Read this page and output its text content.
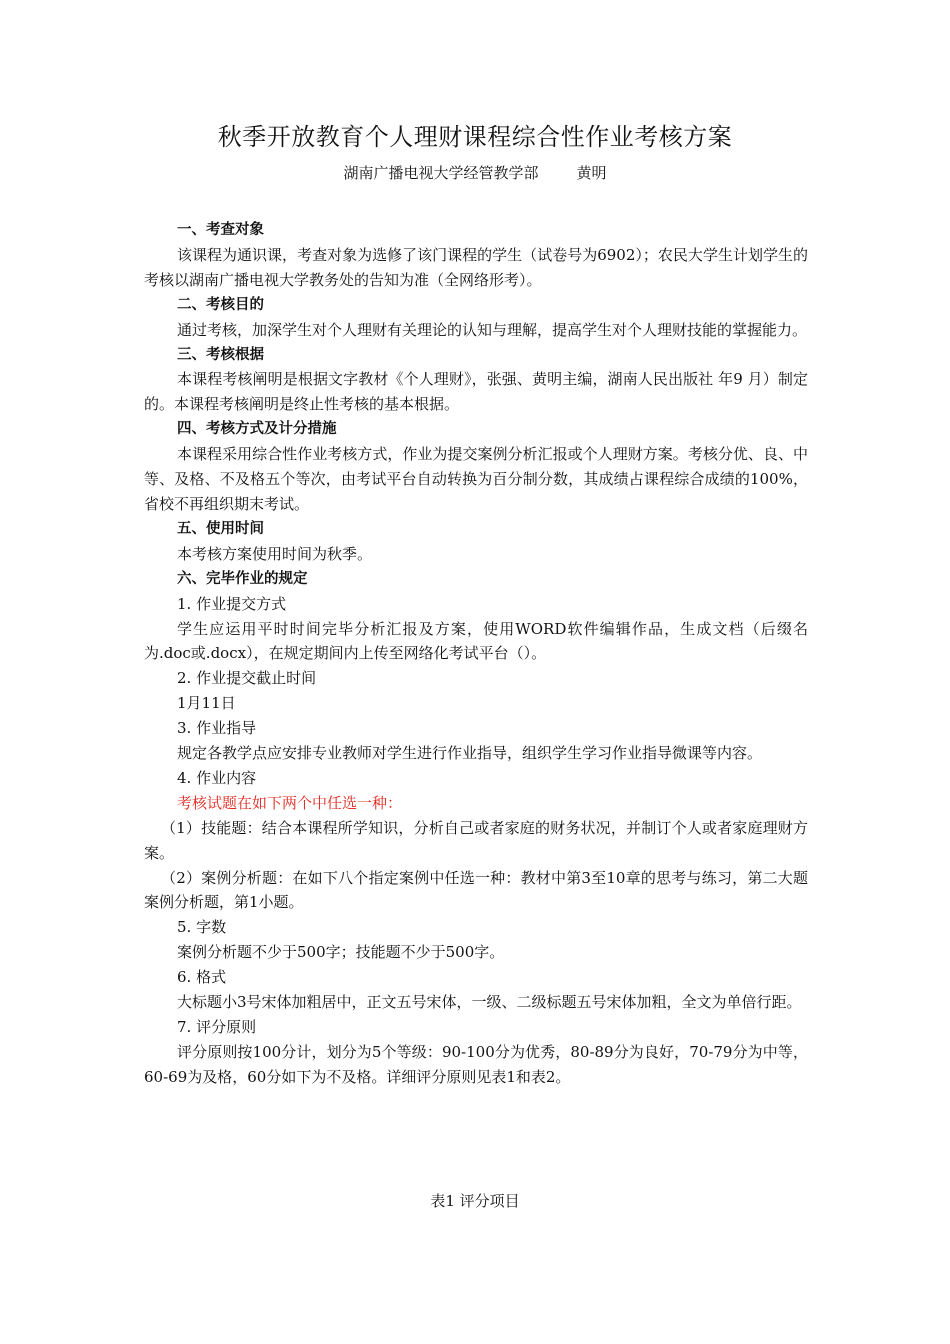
秋季开放教育个人理财课程综合性作业考核方案
湖南广播电视大学经管教学部	黄明

一、考查对象

该课程为通识课，考查对象为选修了该门课程的学生（试卷号为6902）；农民大学生计划学生的考核以湖南广播电视大学教务处的告知为准（全网络形考）。

二、考核目的

通过考核，加深学生对个人理财有关理论的认知与理解，提高学生对个人理财技能的掌握能力。

三、考核根据

本课程考核阐明是根据文字教材《个人理财》，张强、黄明主编，湖南人民出版社 年9 月）制定的。本课程考核阐明是终止性考核的基本根据。

四、考核方式及计分措施

本课程采用综合性作业考核方式，作业为提交案例分析汇报或个人理财方案。考核分优、良、中等、及格、不及格五个等次，由考试平台自动转换为百分制分数，其成绩占课程综合成绩的100%，省校不再组织期末考试。

五、使用时间

本考核方案使用时间为秋季。

六、完毕作业的规定

1. 作业提交方式

学生应运用平时时间完毕分析汇报及方案，使用WORD软件编辑作品，生成文档（后缀名为.doc或.docx），在规定期间内上传至网络化考试平台（）。

2. 作业提交截止时间

1月11日

3. 作业指导

规定各教学点应安排专业教师对学生进行作业指导，组织学生学习作业指导微课等内容。

4. 作业内容

考核试题在如下两个中任选一种：

（1）技能题：结合本课程所学知识，分析自己或者家庭的财务状况，并制订个人或者家庭理财方案。

（2）案例分析题：在如下八个指定案例中任选一种：教材中第3至10章的思考与练习，第二大题案例分析题，第1小题。

5. 字数

案例分析题不少于500字；技能题不少于500字。

6. 格式

大标题小3号宋体加粗居中，正文五号宋体，一级、二级标题五号宋体加粗，全文为单倍行距。

7. 评分原则

评分原则按100分计，划分为5个等级：90-100分为优秀，80-89分为良好，70-79分为中等，60-69为及格，60分如下为不及格。详细评分原则见表1和表2。

表1 评分项目
